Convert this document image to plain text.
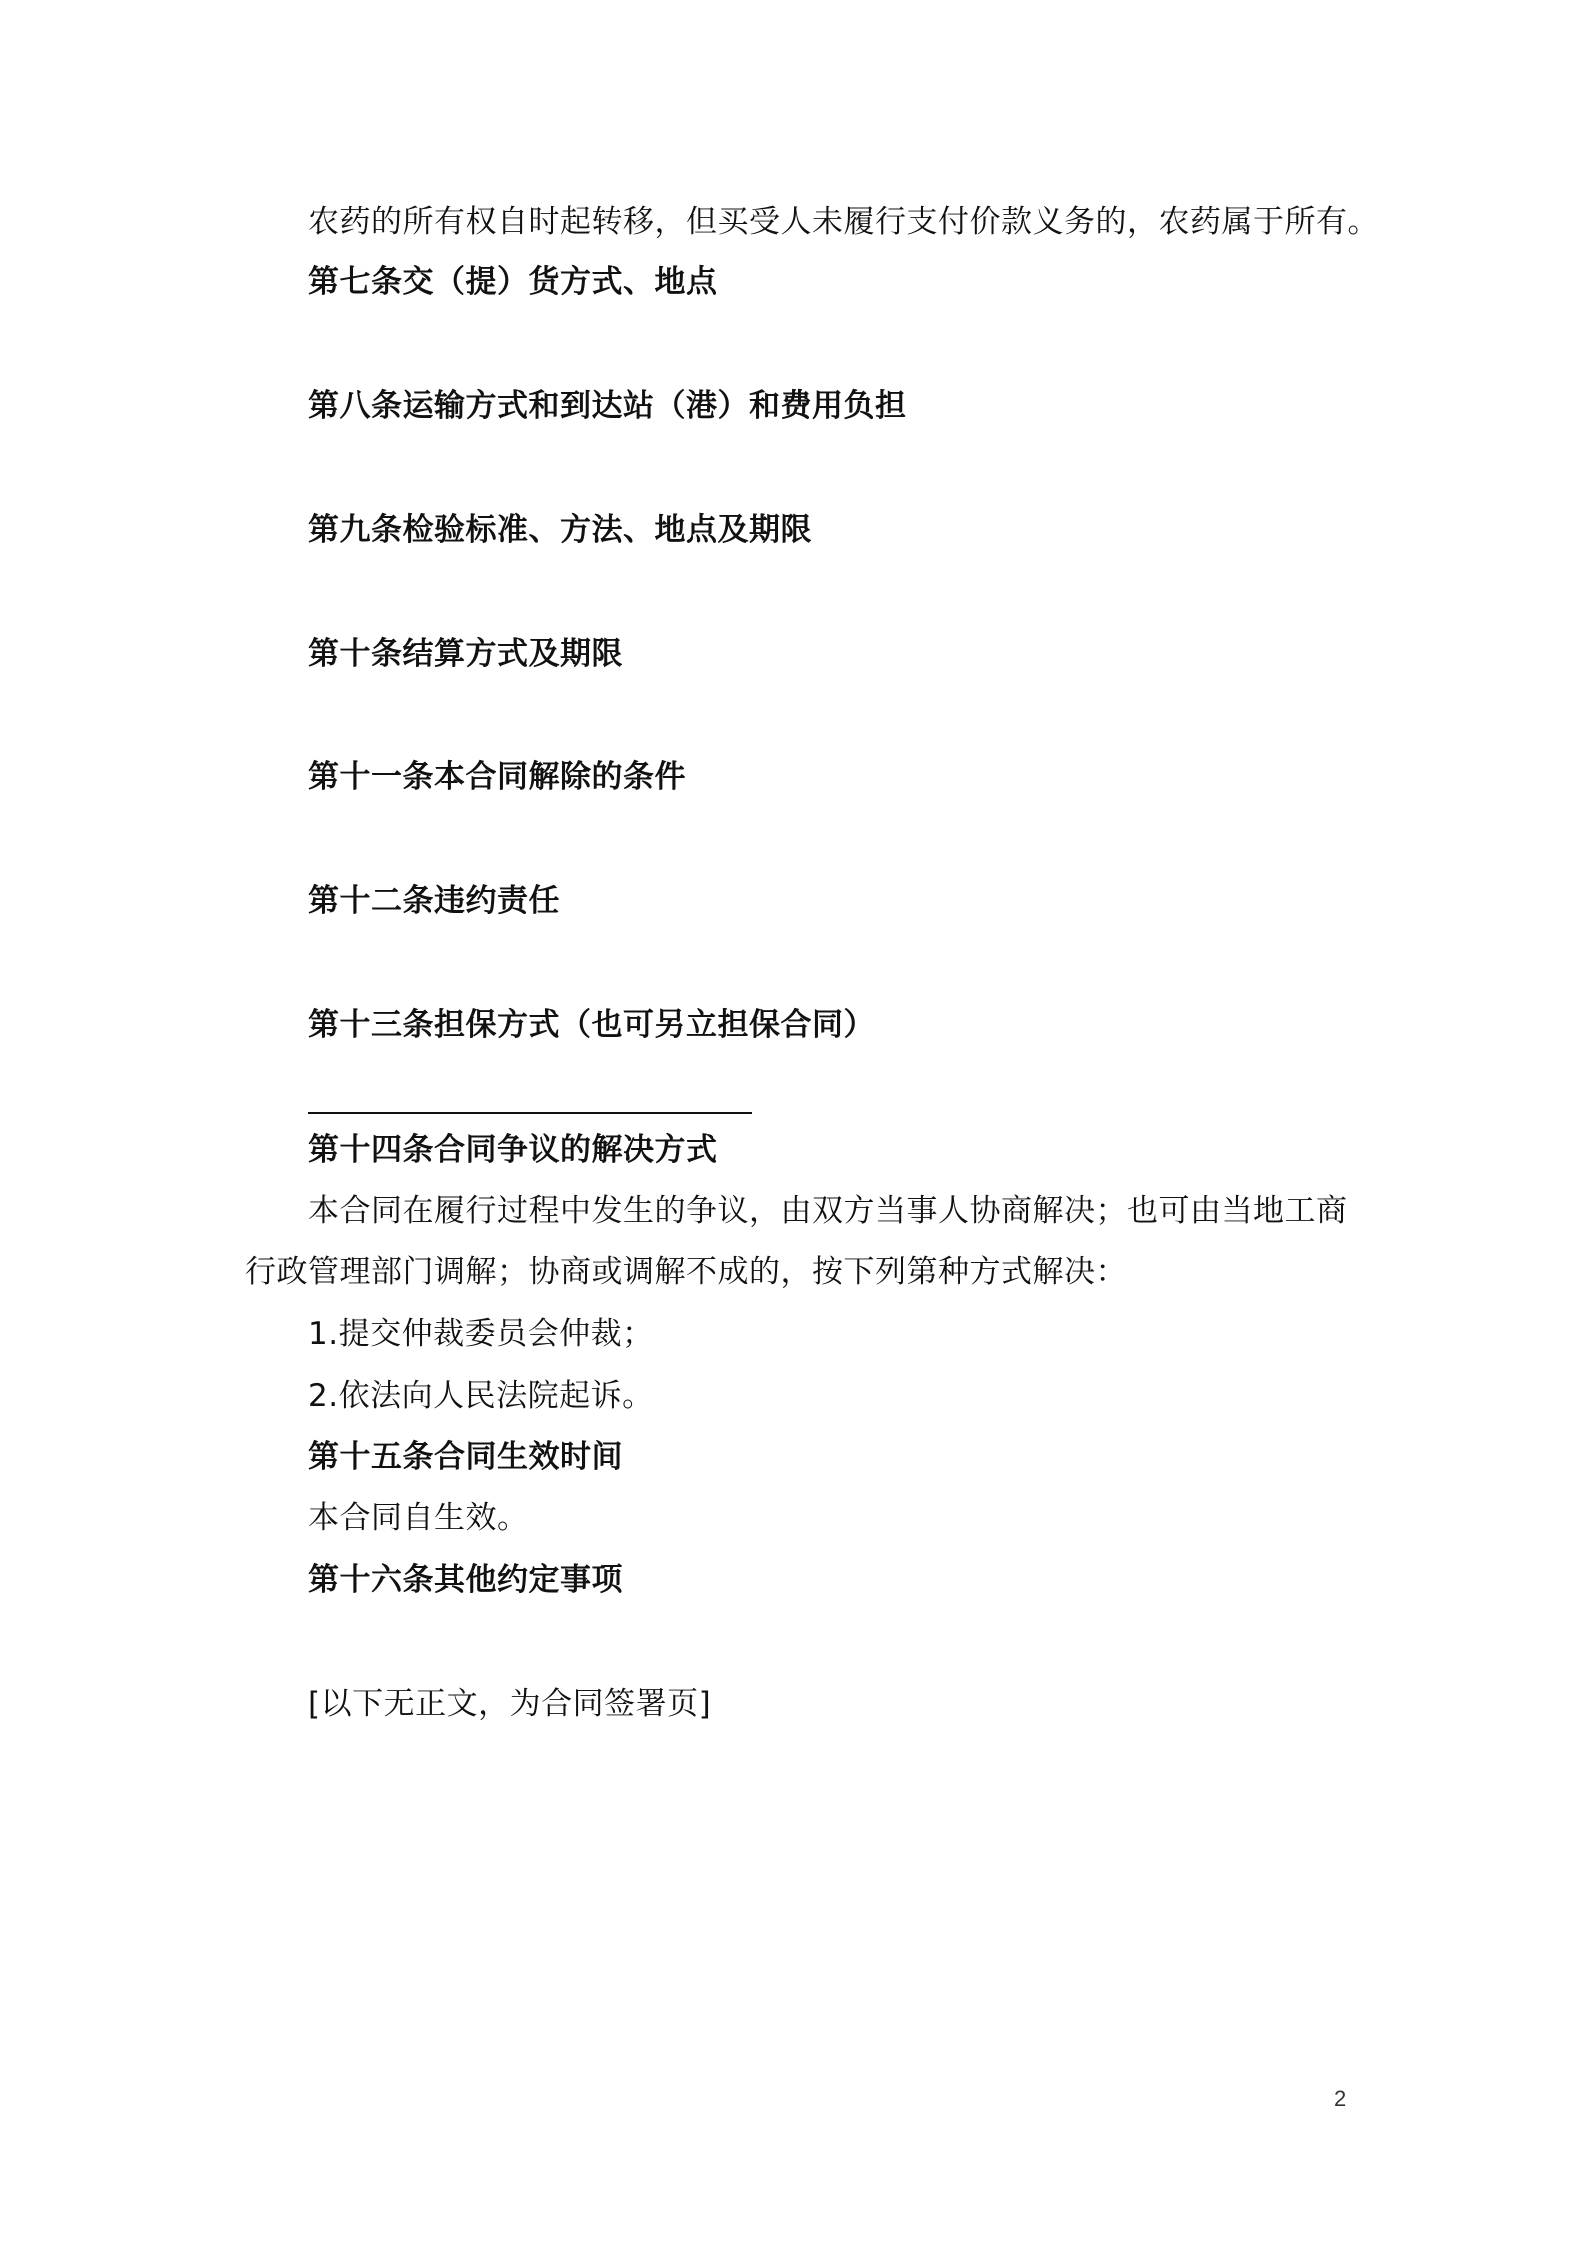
农药的所有权自时起转移，但买受人未履行支付价款义务的，农药属于所有。
第七条交（提）货方式、地点
第八条运输方式和到达站（港）和费用负担
第九条检验标准、方法、地点及期限
第十条结算方式及期限
第十一条本合同解除的条件
第十二条违约责任
第十三条担保方式（也可另立担保合同）
第十四条合同争议的解决方式
本合同在履行过程中发生的争议，由双方当事人协商解决；也可由当地工商
行政管理部门调解；协商或调解不成的，按下列第种方式解决：
1.提交仲裁委员会仲裁；
2.依法向人民法院起诉。
第十五条合同生效时间
本合同自生效。
第十六条其他约定事项
[以下无正文，为合同签署页]
2
